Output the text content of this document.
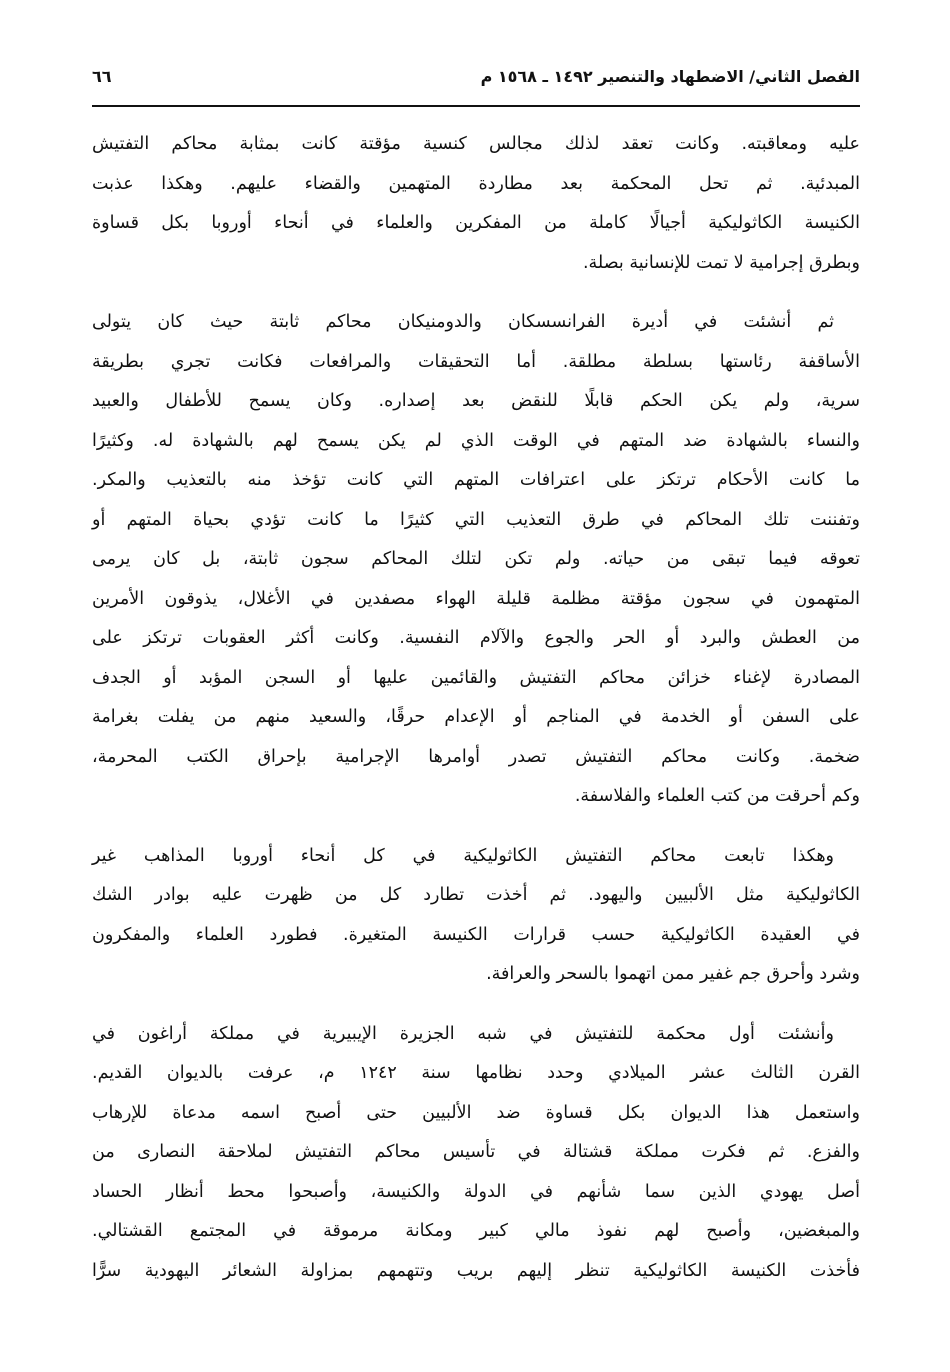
الفصل الثاني/ الاضطهاد والتنصير ١٤٩٢ ـ ١٥٦٨ م
٦٦
عليه ومعاقبته. وكانت تعقد لذلك مجالس كنسية مؤقتة كانت بمثابة محاكم التفتيش
المبدئية. ثم تحل المحكمة بعد مطاردة المتهمين والقضاء عليهم. وهكذا عذبت
الكنيسة الكاثوليكية أجيالًا كاملة من المفكرين والعلماء في أنحاء أوروبا بكل قساوة
وبطرق إجرامية لا تمت للإنسانية بصلة.
ثم أنشئت في أديرة الفرانسسكان والدومنيكان محاكم ثابتة حيث كان يتولى
الأساقفة رئاستها بسلطة مطلقة. أما التحقيقات والمرافعات فكانت تجري بطريقة
سرية، ولم يكن الحكم قابلًا للنقض بعد إصداره. وكان يسمح للأطفال والعبيد
والنساء بالشهادة ضد المتهم في الوقت الذي لم يكن يسمح لهم بالشهادة له. وكثيرًا
ما كانت الأحكام ترتكز على اعترافات المتهم التي كانت تؤخذ منه بالتعذيب والمكر.
وتفننت تلك المحاكم في طرق التعذيب التي كثيرًا ما كانت تؤدي بحياة المتهم أو
تعوقه فيما تبقى من حياته. ولم تكن لتلك المحاكم سجون ثابتة، بل كان يرمى
المتهمون في سجون مؤقتة مظلمة قليلة الهواء مصفدين في الأغلال، يذوقون الأمرين
من العطش والبرد أو الحر والجوع والآلام النفسية. وكانت أكثر العقوبات ترتكز على
المصادرة لإغناء خزائن محاكم التفتيش والقائمين عليها أو السجن المؤبد أو الجدف
على السفن أو الخدمة في المناجم أو الإعدام حرقًا، والسعيد منهم من يفلت بغرامة
ضخمة. وكانت محاكم التفتيش تصدر أوامرها الإجرامية بإحراق الكتب المحرمة،
وكم أحرقت من كتب العلماء والفلاسفة.
وهكذا تابعت محاكم التفتيش الكاثوليكية في كل أنحاء أوروبا المذاهب غير
الكاثوليكية مثل الألبيين واليهود. ثم أخذت تطارد كل من ظهرت عليه بوادر الشك
في العقيدة الكاثوليكية حسب قرارات الكنيسة المتغيرة. فطورد العلماء والمفكرون
وشرد وأحرق جم غفير ممن اتهموا بالسحر والعرافة.
وأنشئت أول محكمة للتفتيش في شبه الجزيرة الإيبيرية في مملكة أراغون في
القرن الثالث عشر الميلادي وحدد نظامها سنة ١٢٤٢ م، عرفت بالديوان القديم.
واستعمل هذا الديوان بكل قساوة ضد الألبيين حتى أصبح اسمه مدعاة للإرهاب
والفزع. ثم فكرت مملكة قشتالة في تأسيس محاكم التفتيش لملاحقة النصارى من
أصل يهودي الذين سما شأنهم في الدولة والكنيسة، وأصبحوا محط أنظار الحساد
والمبغضين، وأصبح لهم نفوذ مالي كبير ومكانة مرموقة في المجتمع القشتالي.
فأخذت الكنيسة الكاثوليكية تنظر إليهم بريب وتتهمهم بمزاولة الشعائر اليهودية سرًّا
